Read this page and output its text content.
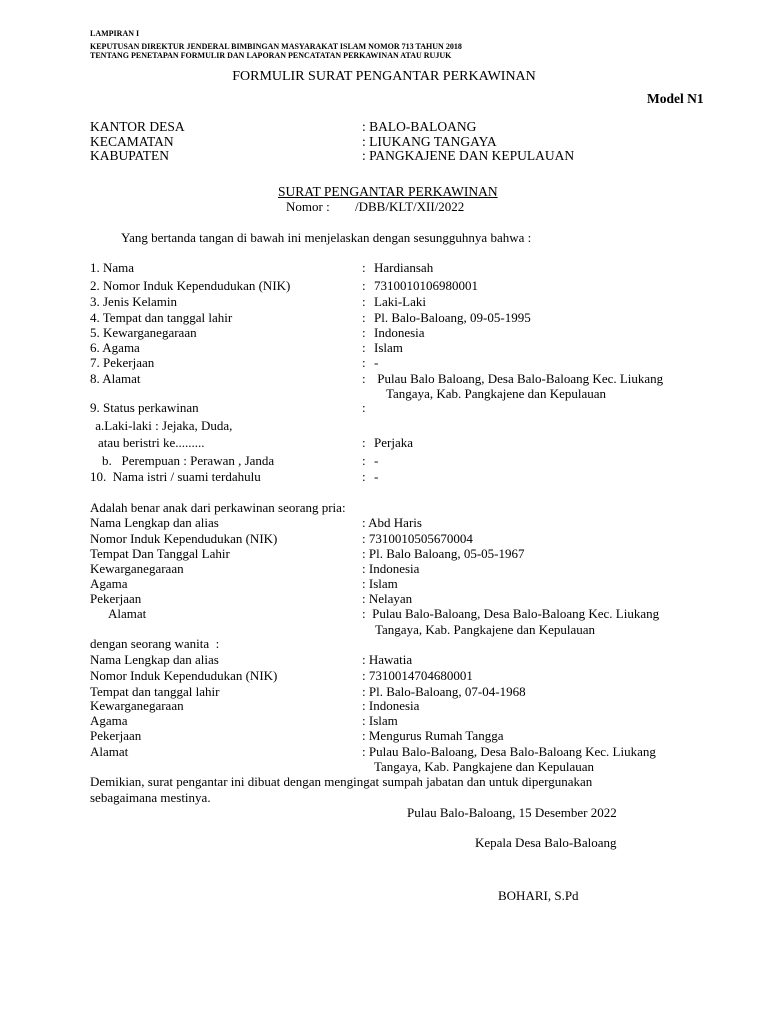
LAMPIRAN I
KEPUTUSAN DIREKTUR JENDERAL BIMBINGAN MASYARAKAT ISLAM NOMOR 713 TAHUN 2018
TENTANG PENETAPAN FORMULIR DAN LAPORAN PENCATATAN PERKAWINAN ATAU RUJUK
FORMULIR SURAT PENGANTAR PERKAWINAN
Model N1
KANTOR DESA	: BALO-BALOANG
KECAMATAN	: LIUKANG TANGAYA
KABUPATEN	: PANGKAJENE DAN KEPULAUAN
SURAT PENGANTAR PERKAWINAN
Nomor : /DBB/KLT/XII/2022
Yang bertanda tangan di bawah ini menjelaskan dengan sesungguhnya bahwa :
1. Nama	: Hardiansah
2. Nomor Induk Kependudukan (NIK)	: 7310010106980001
3. Jenis Kelamin	: Laki-Laki
4. Tempat dan tanggal lahir	: Pl. Balo-Baloang, 09-05-1995
5. Kewarganegaraan	: Indonesia
6. Agama	: Islam
7. Pekerjaan	: -
8. Alamat	: Pulau Balo Baloang, Desa Balo-Baloang Kec. Liukang
Tangaya, Kab. Pangkajene dan Kepulauan
9. Status perkawinan	:
a.Laki-laki : Jejaka, Duda,
atau beristri ke.........	: Perjaka
b.   Perempuan : Perawan , Janda	: -
10.  Nama istri / suami terdahulu	: -
Adalah benar anak dari perkawinan seorang pria:
Nama Lengkap dan alias	: Abd Haris
Nomor Induk Kependudukan (NIK)	: 7310010505670004
Tempat Dan Tanggal Lahir	: Pl. Balo Baloang, 05-05-1967
Kewarganegaraan	: Indonesia
Agama	: Islam
Pekerjaan	: Nelayan
Alamat	:  Pulau Balo-Baloang, Desa Balo-Baloang Kec. Liukang
Tangaya, Kab. Pangkajene dan Kepulauan
dengan seorang wanita  :
Nama Lengkap dan alias	: Hawatia
Nomor Induk Kependudukan (NIK)	: 7310014704680001
Tempat dan tanggal lahir	: Pl. Balo-Baloang, 07-04-1968
Kewarganegaraan	: Indonesia
Agama	: Islam
Pekerjaan	: Mengurus Rumah Tangga
Alamat	: Pulau Balo-Baloang, Desa Balo-Baloang Kec. Liukang
Tangaya, Kab. Pangkajene dan Kepulauan
Demikian, surat pengantar ini dibuat dengan mengingat sumpah jabatan dan untuk dipergunakan
sebagaimana mestinya.
Pulau Balo-Baloang, 15 Desember 2022
Kepala Desa Balo-Baloang
BOHARI, S.Pd
